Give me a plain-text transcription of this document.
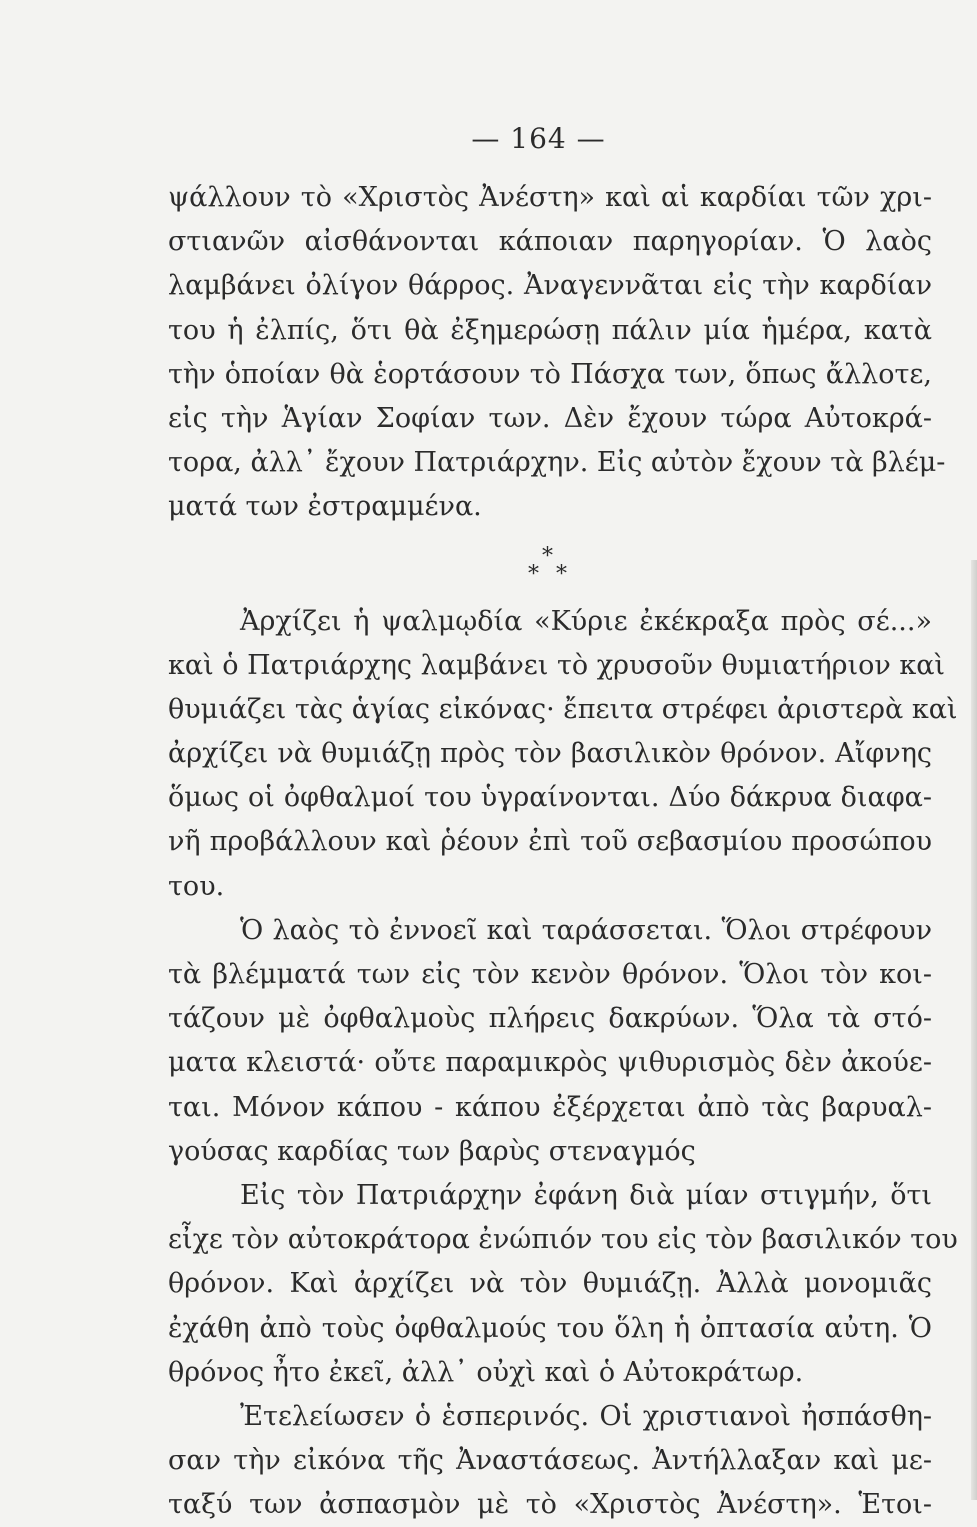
— 164 —
ψάλλουν τὸ «Χριστὸς Ἀνέστη» καὶ αἱ καρδίαι τῶν χρι-
στιανῶν αἰσθάνονται κάποιαν παρηγορίαν. Ὁ λαὸς
λαμβάνει ὀλίγον θάρρος. Ἀναγεννᾶται εἰς τὴν καρδίαν
του ἡ ἐλπίς, ὅτι θὰ ἐξημερώσῃ πάλιν μία ἡμέρα, κατὰ
τὴν ὁποίαν θὰ ἑορτάσουν τὸ Πάσχα των, ὅπως ἄλλοτε,
εἰς τὴν Ἁγίαν Σοφίαν των. Δὲν ἔχουν τώρα Αὐτοκρά-
τορα, ἀλλ᾽ ἔχουν Πατριάρχην. Εἰς αὐτὸν ἔχουν τὰ βλέμ-
ματά των ἐστραμμένα.
*
* *
Ἀρχίζει ἡ ψαλμῳδία «Κύριε ἐκέκραξα πρὸς σέ...»
καὶ ὁ Πατριάρχης λαμβάνει τὸ χρυσοῦν θυμιατήριον καὶ
θυμιάζει τὰς ἁγίας εἰκόνας· ἔπειτα στρέφει ἀριστερὰ καὶ
ἀρχίζει νὰ θυμιάζῃ πρὸς τὸν βασιλικὸν θρόνον. Αἴφνης
ὅμως οἱ ὀφθαλμοί του ὑγραίνονται. Δύο δάκρυα διαφα-
νῆ προβάλλουν καὶ ῥέουν ἐπὶ τοῦ σεβασμίου προσώπου
του.
Ὁ λαὸς τὸ ἐννοεῖ καὶ ταράσσεται. Ὅλοι στρέφουν
τὰ βλέμματά των εἰς τὸν κενὸν θρόνον. Ὅλοι τὸν κοι-
τάζουν μὲ ὀφθαλμοὺς πλήρεις δακρύων. Ὅλα τὰ στό-
ματα κλειστά· οὔτε παραμικρὸς ψιθυρισμὸς δὲν ἀκούε-
ται. Μόνον κάπου - κάπου ἐξέρχεται ἀπὸ τὰς βαρυαλ-
γούσας καρδίας των βαρὺς στεναγμός
Εἰς τὸν Πατριάρχην ἐφάνη διὰ μίαν στιγμήν, ὅτι
εἶχε τὸν αὐτοκράτορα ἐνώπιόν του εἰς τὸν βασιλικόν του
θρόνον. Καὶ ἀρχίζει νὰ τὸν θυμιάζῃ. Ἀλλὰ μονομιᾶς
ἐχάθη ἀπὸ τοὺς ὀφθαλμούς του ὅλη ἡ ὀπτασία αὐτη. Ὁ
θρόνος ἦτο ἐκεῖ, ἀλλ᾽ οὐχὶ καὶ ὁ Αὐτοκράτωρ.
Ἐτελείωσεν ὁ ἑσπερινός. Οἱ χριστιανοὶ ἠσπάσθη-
σαν τὴν εἰκόνα τῆς Ἀναστάσεως. Ἀντήλλαξαν καὶ με-
ταξύ των ἀσπασμὸν μὲ τὸ «Χριστὸς Ἀνέστη». Ἑτοι-
